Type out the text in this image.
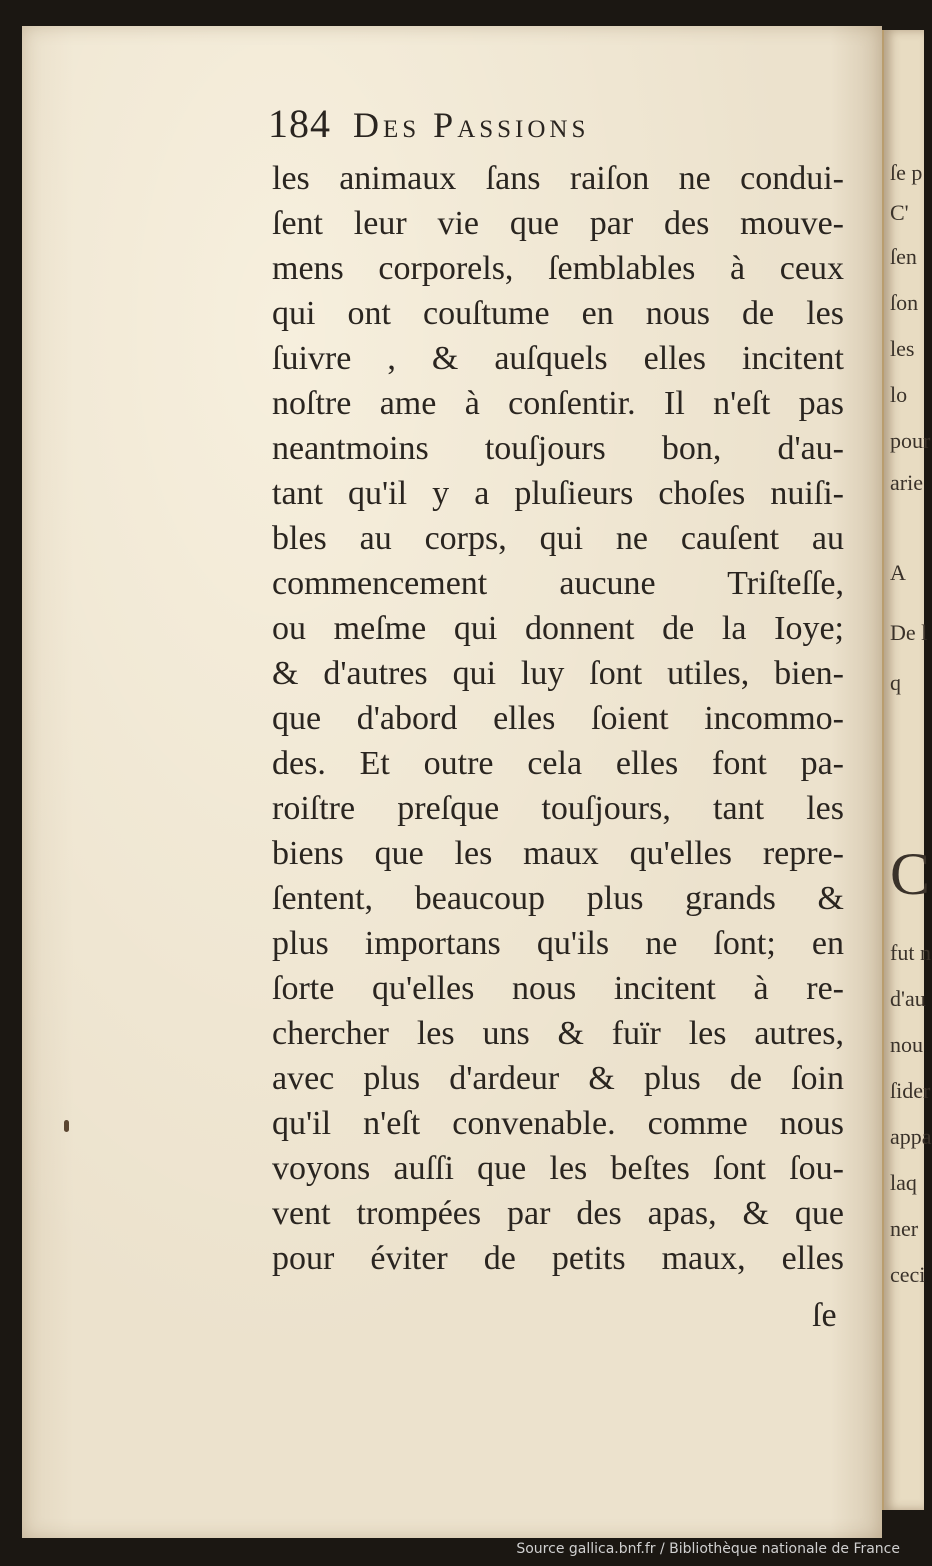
ſe p
C'
ſen
ſon
les
lo
pour
arie
A
De l
q
C
fut n
d'au
nou
ſider
appa
laq
ner
ceci
184 Des Passions
les animaux ſans raiſon ne condui-
ſent leur vie que par des mouve-
mens corporels, ſemblables à ceux
qui ont couſtume en nous de les
ſuivre , & auſquels elles incitent
noſtre ame à conſentir. Il n'eſt pas
neantmoins touſjours bon, d'au-
tant qu'il y a pluſieurs choſes nuiſi-
bles au corps, qui ne cauſent au
commencement aucune Triſteſſe,
ou meſme qui donnent de la Ioye;
& d'autres qui luy ſont utiles, bien-
que d'abord elles ſoient incommo-
des. Et outre cela elles font pa-
roiſtre preſque touſjours, tant les
biens que les maux qu'elles repre-
ſentent, beaucoup plus grands &
plus importans qu'ils ne ſont; en
ſorte qu'elles nous incitent à re-
chercher les uns & fuïr les autres,
avec plus d'ardeur & plus de ſoin
qu'il n'eſt convenable. comme nous
voyons auſſi que les beſtes ſont ſou-
vent trompées par des apas, & que
pour éviter de petits maux, elles
ſe
Source gallica.bnf.fr / Bibliothèque nationale de France
